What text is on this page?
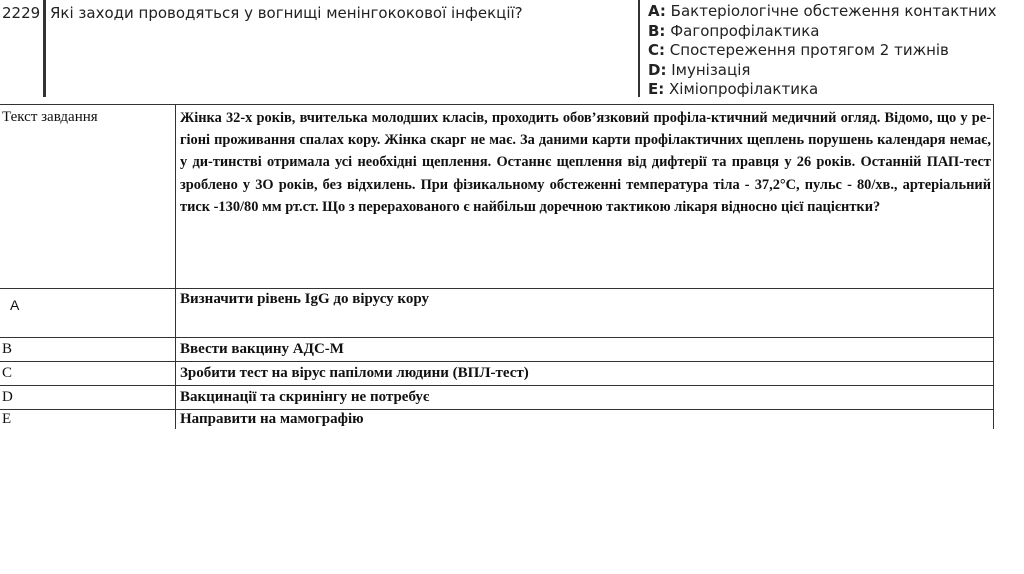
2229 Які заходи проводяться у вогнищі менінгококової інфекції?	A: Бактеріологічне обстеження контактних
B: Фагопрофілактика
C: Спостереження протягом 2 тижнів
D: Імунізація
E: Хіміопрофілактика
Текст завдання	Жінка 32-х років, вчителька молодших класів, проходить обов’язковий профіла-ктичний медичний огляд. Відомо, що у ре-гіоні проживання спалах кору. Жінка скарг не має. За даними карти профілактичних щеплень порушень календаря немає, у ди-тинстві отримала усі необхідні щеплення. Останнє щеплення від дифтерії та правця у 26 років. Останній ПАП-тест зроблено у 3О років, без відхилень. При фізикальному обстеженні температура тіла - 37,2°C, пульс - 80/хв., артеріальний тиск -130/80 мм рт.ст. Що з перерахованого є найбільш доречною тактикою лікаря відносно цієї пацієнтки?
A	Визначити рівень IgG до вірусу кору
B	Ввести вакцину АДС-М
C	Зробити тест на вірус папіломи людини (ВПЛ-тест)
D	Вакцинації та скринінгу не потребує
E	Направити на мамографію
